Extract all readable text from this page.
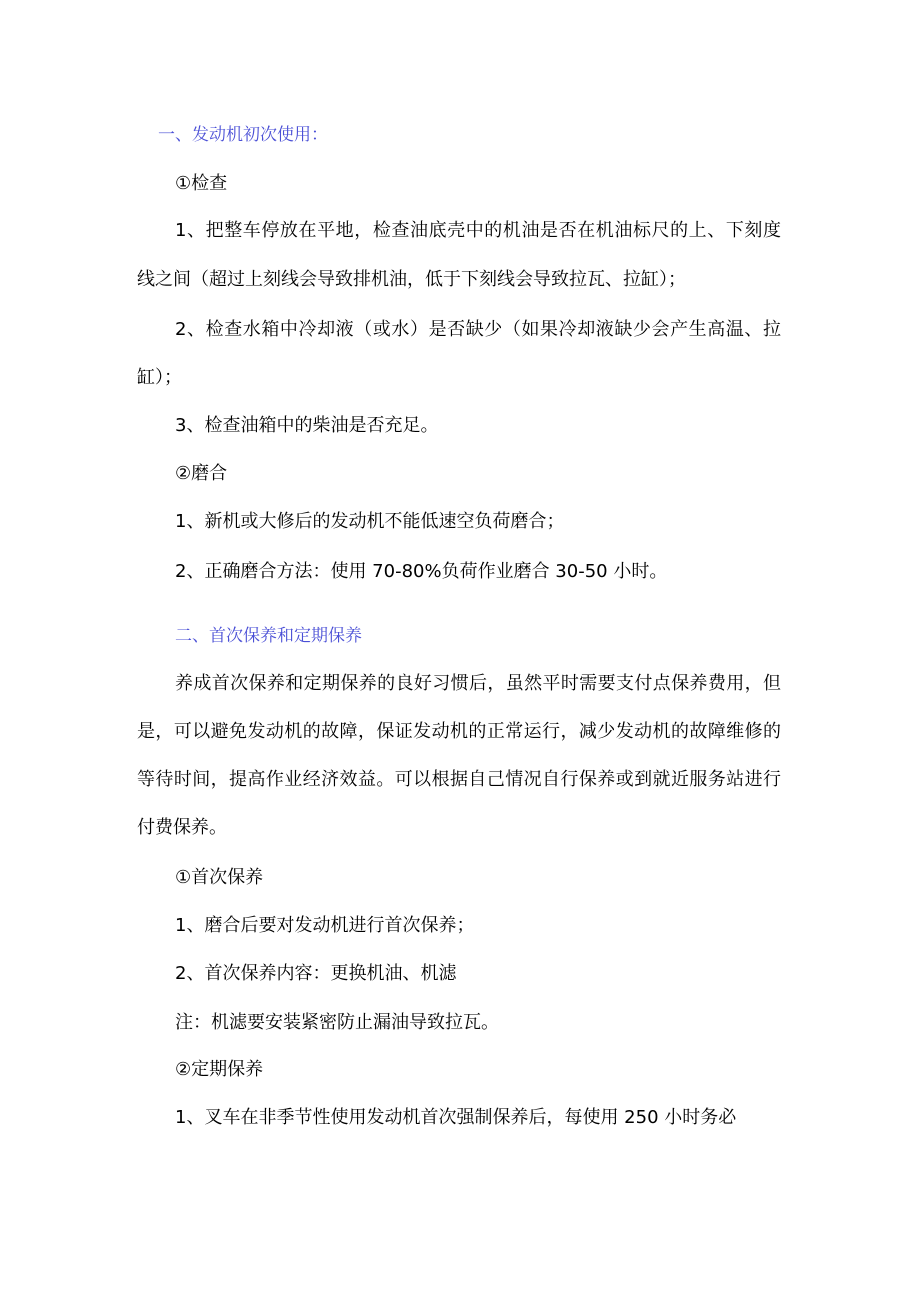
一、发动机初次使用：

①检查

1、把整车停放在平地，检查油底壳中的机油是否在机油标尺的上、下刻度

线之间（超过上刻线会导致排机油，低于下刻线会导致拉瓦、拉缸）；

2、检查水箱中冷却液（或水）是否缺少（如果冷却液缺少会产生高温、拉

缸）；

3、检查油箱中的柴油是否充足。

②磨合

1、新机或大修后的发动机不能低速空负荷磨合；

2、正确磨合方法：使用 70-80%负荷作业磨合 30-50 小时。

二、首次保养和定期保养

养成首次保养和定期保养的良好习惯后，虽然平时需要支付点保养费用，但

是，可以避免发动机的故障，保证发动机的正常运行，减少发动机的故障维修的

等待时间，提高作业经济效益。可以根据自己情况自行保养或到就近服务站进行

付费保养。

①首次保养

1、磨合后要对发动机进行首次保养；

2、首次保养内容：更换机油、机滤

注：机滤要安装紧密防止漏油导致拉瓦。

②定期保养

1、叉车在非季节性使用发动机首次强制保养后，每使用 250 小时务必
